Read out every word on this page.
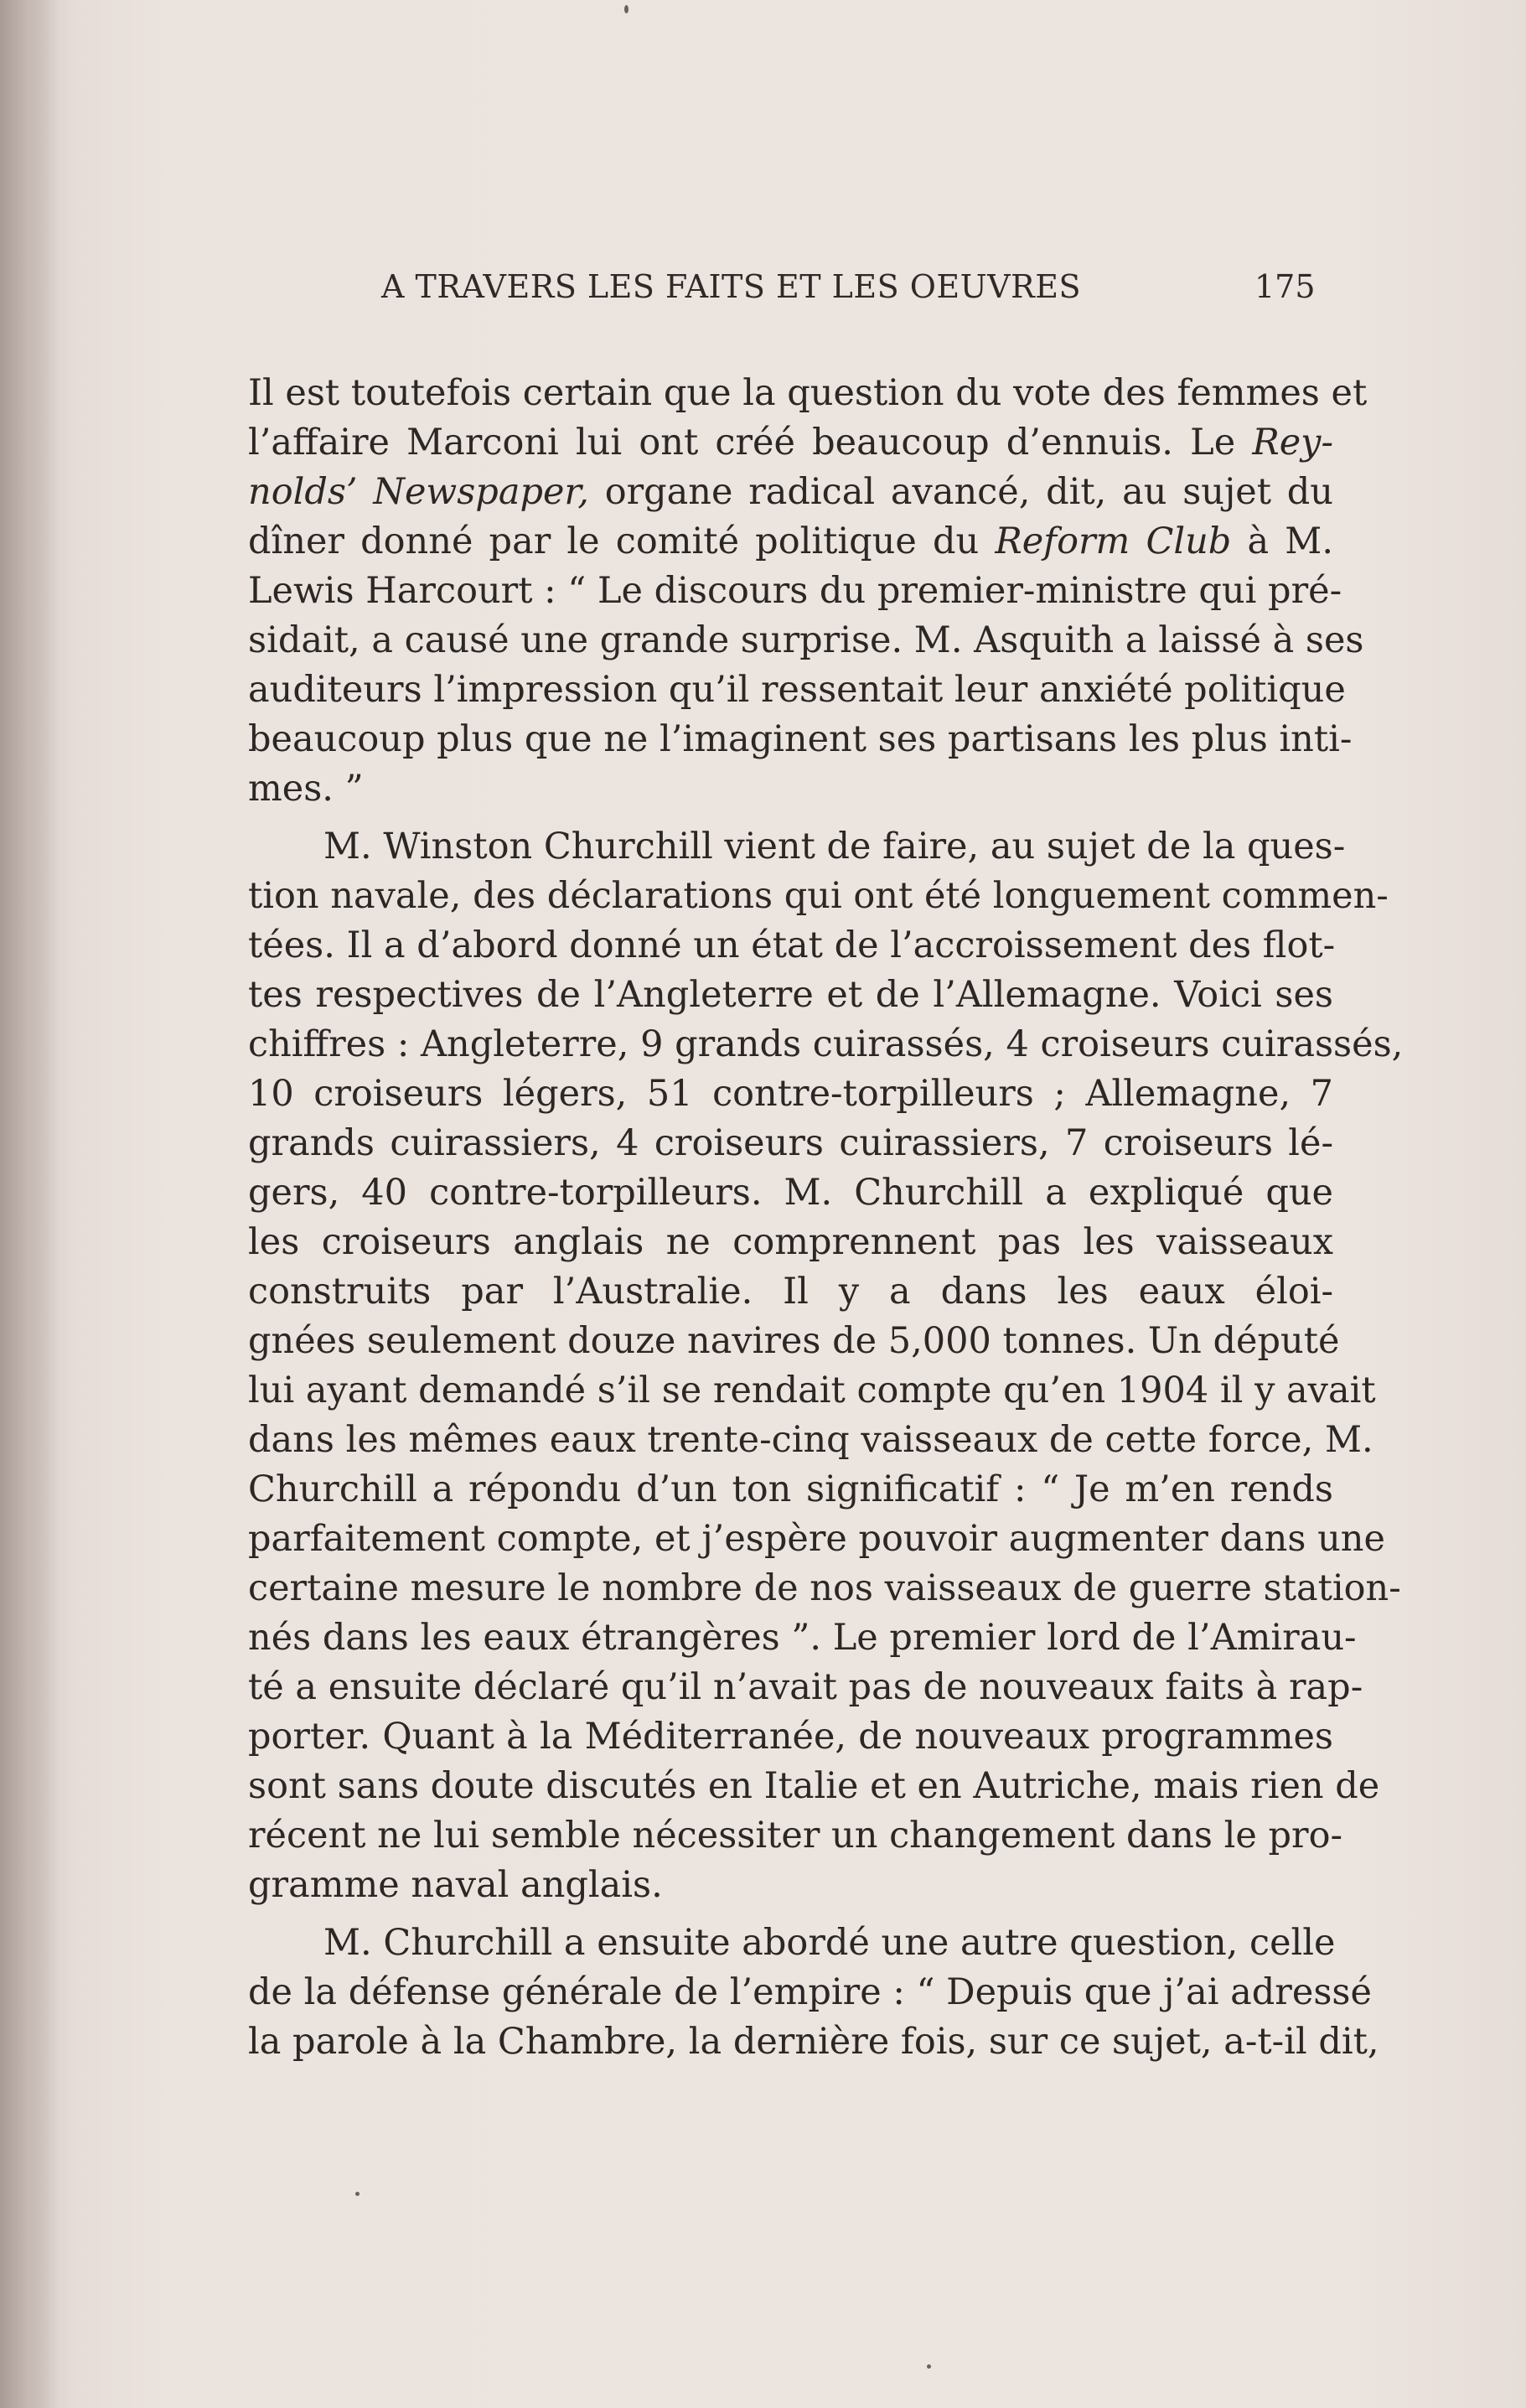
A TRAVERS LES FAITS ET LES OEUVRES	175
Il est toutefois certain que la question du vote des femmes et
l’affaire Marconi lui ont créé beaucoup d’ennuis. Le Rey-
nolds’ Newspaper, organe radical avancé, dit, au sujet du
dîner donné par le comité politique du Reform Club à M.
Lewis Harcourt : “ Le discours du premier-ministre qui pré-
sidait, a causé une grande surprise. M. Asquith a laissé à ses
auditeurs l’impression qu’il ressentait leur anxiété politique
beaucoup plus que ne l’imaginent ses partisans les plus inti-
mes. ”
M. Winston Churchill vient de faire, au sujet de la ques-
tion navale, des déclarations qui ont été longuement commen-
tées. Il a d’abord donné un état de l’accroissement des flot-
tes respectives de l’Angleterre et de l’Allemagne. Voici ses
chiffres : Angleterre, 9 grands cuirassés, 4 croiseurs cuirassés,
10 croiseurs légers, 51 contre-torpilleurs ; Allemagne, 7
grands cuirassiers, 4 croiseurs cuirassiers, 7 croiseurs lé-
gers, 40 contre-torpilleurs. M. Churchill a expliqué que
les croiseurs anglais ne comprennent pas les vaisseaux
construits par l’Australie. Il y a dans les eaux éloi-
gnées seulement douze navires de 5,000 tonnes. Un député
lui ayant demandé s’il se rendait compte qu’en 1904 il y avait
dans les mêmes eaux trente-cinq vaisseaux de cette force, M.
Churchill a répondu d’un ton significatif : “ Je m’en rends
parfaitement compte, et j’espère pouvoir augmenter dans une
certaine mesure le nombre de nos vaisseaux de guerre station-
nés dans les eaux étrangères ”. Le premier lord de l’Amirau-
té a ensuite déclaré qu’il n’avait pas de nouveaux faits à rap-
porter. Quant à la Méditerranée, de nouveaux programmes
sont sans doute discutés en Italie et en Autriche, mais rien de
récent ne lui semble nécessiter un changement dans le pro-
gramme naval anglais.
M. Churchill a ensuite abordé une autre question, celle
de la défense générale de l’empire : “ Depuis que j’ai adressé
la parole à la Chambre, la dernière fois, sur ce sujet, a-t-il dit,
